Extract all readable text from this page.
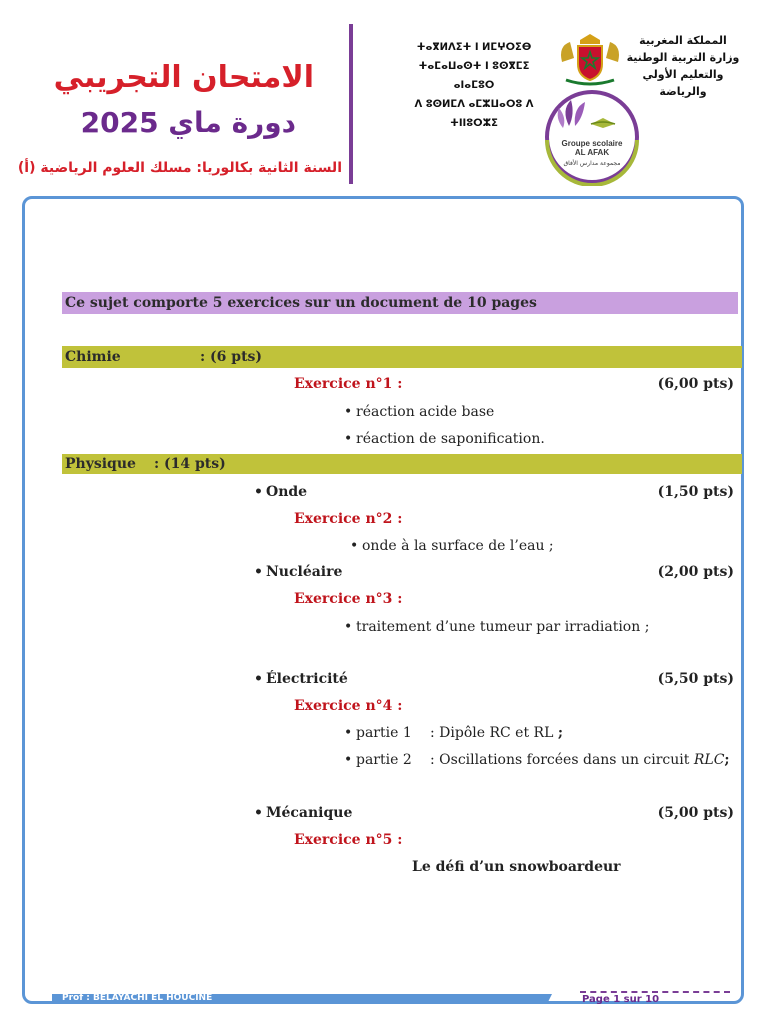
الامتحان التجريبي
دورة ماي 2025
السنة الثانية بكالوريا: مسلك العلوم الرياضية (أ)
ⵜⴰⴳⵍⴷⵉⵜ ⵏ ⵍⵎⵖⵔⵉⴱ
ⵜⴰⵎⴰⵡⴰⵙⵜ ⵏ ⵓⵙⴳⵎⵉ ⴰⵏⴰⵎⵓⵔ
ⴷ ⵓⵙⵍⵎⴷ ⴰⵎⵣⵡⴰⵔⵓ ⴷ ⵜⵏⵏⵓⵔⵣⵉ
المملكة المغربية
وزارة التربية الوطنية
والتعليم الأولي والرياضة
Groupe scolaire
AL AFAK
مجموعة مدارس الأفاق
Ce sujet comporte 5 exercices sur un document de 10 pages
Chimie	: (6 pts)
Exercice n°1 :	(6,00 pts)
• réaction acide base
• réaction de saponification.
Physique : (14 pts)
• Onde	(1,50 pts)
Exercice n°2 :
• onde à la surface de l’eau ;
• Nucléaire	(2,00 pts)
Exercice n°3 :
• traitement d’une tumeur par irradiation ;
• Électricité	(5,50 pts)
Exercice n°4 :
• partie 1 : Dipôle RC et RL ;
• partie 2 : Oscillations forcées dans un circuit RLC;
• Mécanique	(5,00 pts)
Exercice n°5 :
Le défi d’un snowboardeur
Prof : BELAYACHI EL HOUCINE	Page 1 sur 10
